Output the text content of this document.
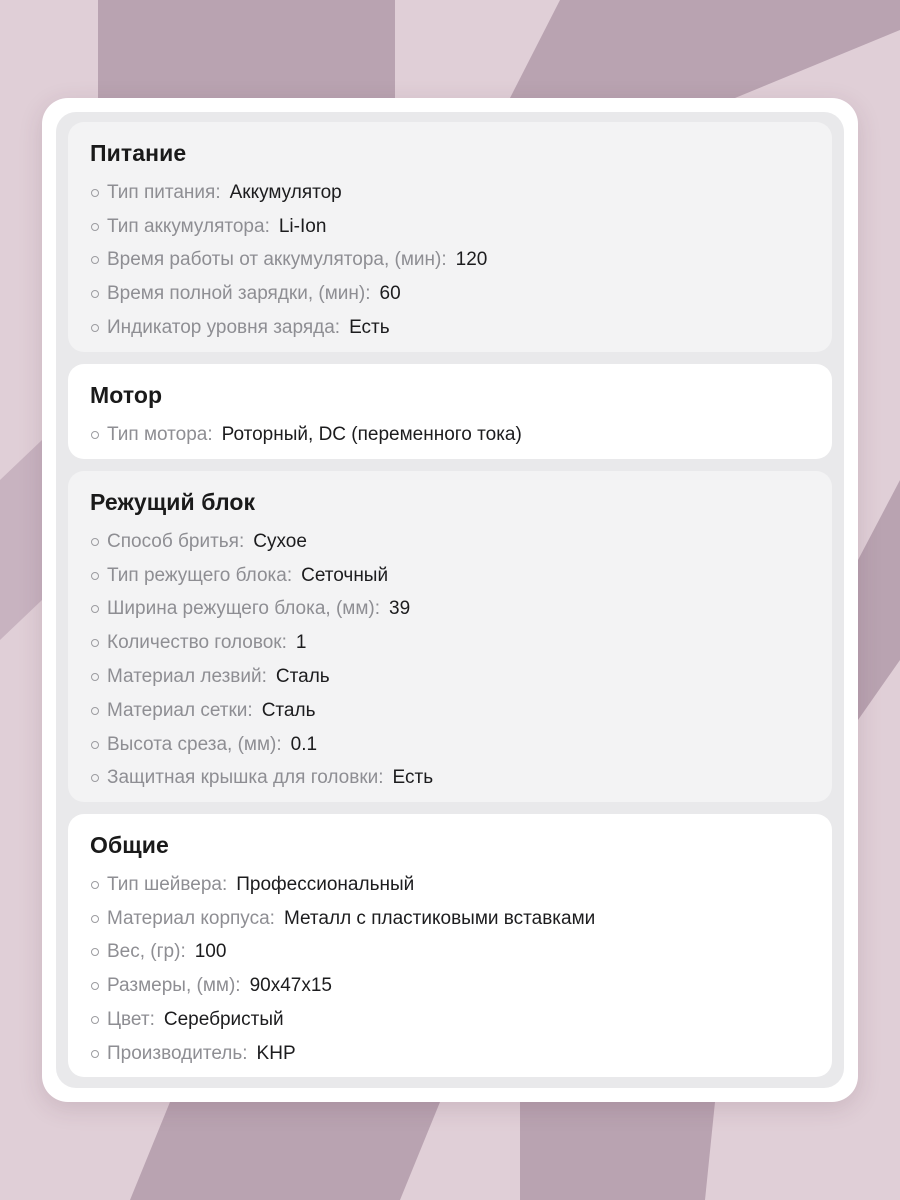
Питание
Тип питания : Аккумулятор
Тип аккумулятора : Li-Ion
Время работы от аккумулятора, (мин) : 120
Время полной зарядки, (мин) : 60
Индикатор уровня заряда : Есть
Мотор
Тип мотора : Роторный, DC (переменного тока)
Режущий блок
Способ бритья : Сухое
Тип режущего блока : Сеточный
Ширина режущего блока, (мм) : 39
Количество головок : 1
Материал лезвий : Сталь
Материал сетки : Сталь
Высота среза, (мм) : 0.1
Защитная крышка для головки : Есть
Общие
Тип шейвера : Профессиональный
Материал корпуса : Металл с пластиковыми вставками
Вес, (гр) : 100
Размеры, (мм) : 90x47x15
Цвет : Серебристый
Производитель : KHP
